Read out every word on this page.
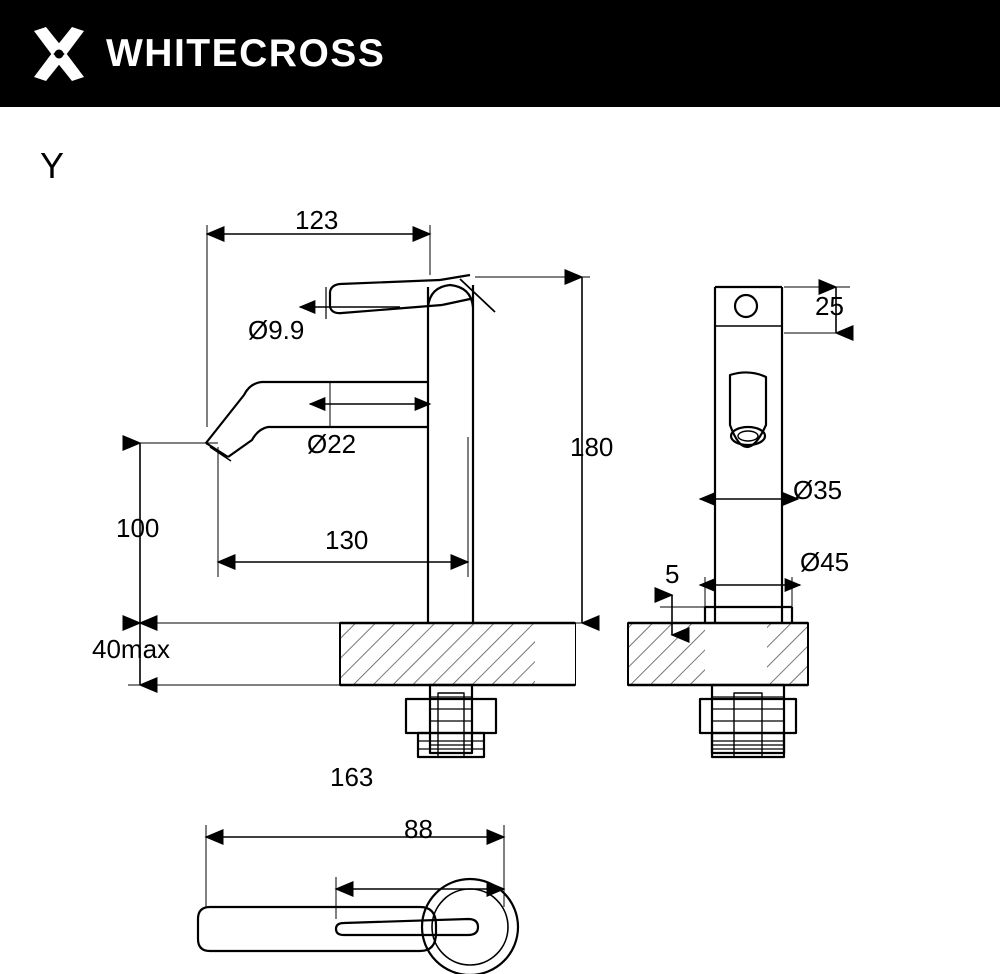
WHITECROSS
Y
123
Ø9.9
Ø22	180
100	130
40max
25
Ø35
Ø45
5
163
88
